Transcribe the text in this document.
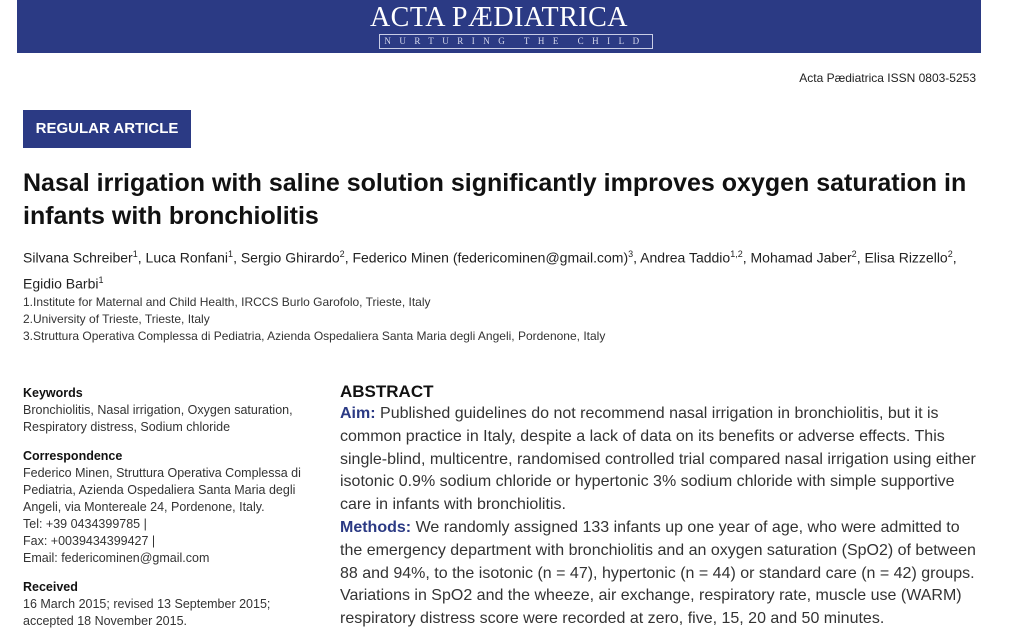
ACTA PÆDIATRICA
NURTURING THE CHILD
Acta Pædiatrica ISSN 0803-5253
REGULAR ARTICLE
Nasal irrigation with saline solution significantly improves oxygen saturation in infants with bronchiolitis
Silvana Schreiber$^1$, Luca Ronfani$^1$, Sergio Ghirardo$^2$, Federico Minen (federicominen@gmail.com)$^3$, Andrea Taddio$^{1,2}$, Mohamad Jaber$^2$, Elisa Rizzello$^2$, Egidio Barbi$^1$
1.Institute for Maternal and Child Health, IRCCS Burlo Garofolo, Trieste, Italy
2.University of Trieste, Trieste, Italy
3.Struttura Operativa Complessa di Pediatria, Azienda Ospedaliera Santa Maria degli Angeli, Pordenone, Italy
Keywords

Bronchiolitis, Nasal irrigation, Oxygen saturation, Respiratory distress, Sodium chloride

Correspondence

Federico Minen, Struttura Operativa Complessa di Pediatria, Azienda Ospedaliera Santa Maria degli Angeli, via Montereale 24, Pordenone, Italy.

Tel: +39 0434399785 |

Fax: +00394343994​27 |

Email: federicominen@gmail.com

Received

16 March 2015; revised 13 September 2015; accepted 18 November 2015.

ABSTRACT

Aim: Published guidelines do not recommend nasal irrigation in bronchiolitis, but it is common practice in Italy, despite a lack of data on its benefits or adverse effects. This single-blind, multicentre, randomised controlled trial compared nasal irrigation using either isotonic 0.9% sodium chloride or hypertonic 3% sodium chloride with simple supportive care in infants with bronchiolitis.

Methods: We randomly assigned 133 infants up one year of age, who were admitted to the emergency department with bronchiolitis and an oxygen saturation (SpO2) of between 88 and 94%, to the isotonic (n = 47), hypertonic (n = 44) or standard care (n = 42) groups. Variations in SpO2 and the wheeze, air exchange, respiratory rate, muscle use (WARM) respiratory distress score were recorded at zero, five, 15, 20 and 50 minutes.
